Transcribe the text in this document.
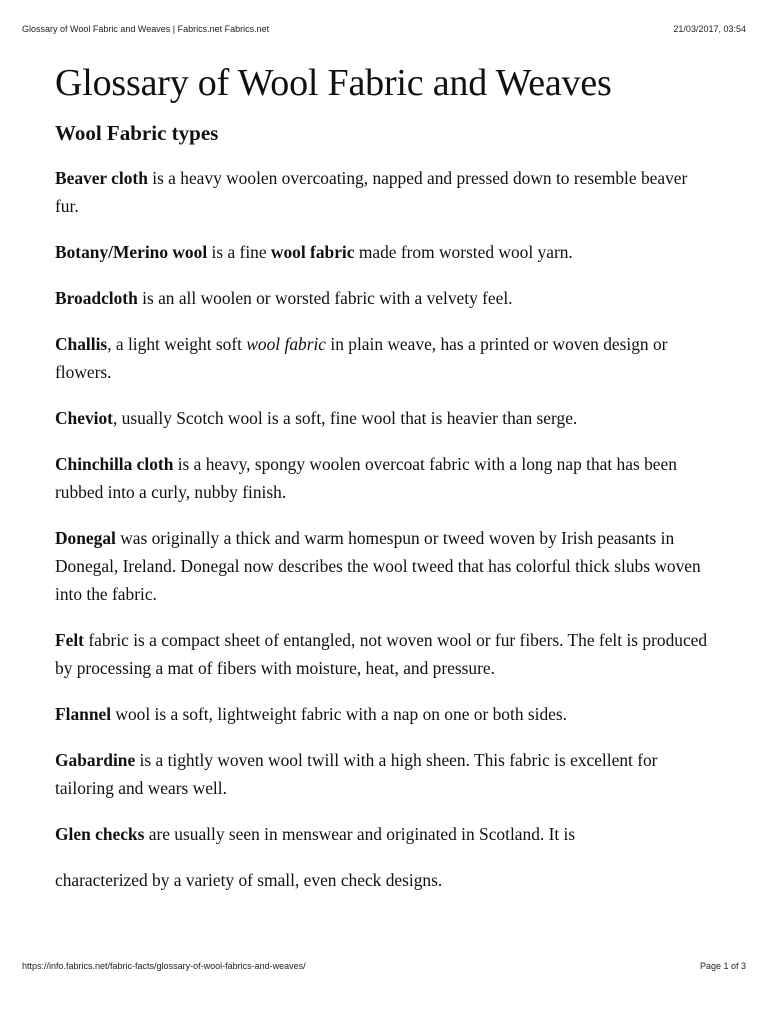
Glossary of Wool Fabric and Weaves | Fabrics.net Fabrics.net	21/03/2017, 03:54
Glossary of Wool Fabric and Weaves
Wool Fabric types

Beaver cloth is a heavy woolen overcoating, napped and pressed down to resemble beaver fur.

Botany/Merino wool is a fine wool fabric made from worsted wool yarn.

Broadcloth is an all woolen or worsted fabric with a velvety feel.

Challis, a light weight soft wool fabric in plain weave, has a printed or woven design or flowers.

Cheviot, usually Scotch wool is a soft, fine wool that is heavier than serge.

Chinchilla cloth is a heavy, spongy woolen overcoat fabric with a long nap that has been rubbed into a curly, nubby finish.

Donegal was originally a thick and warm homespun or tweed woven by Irish peasants in Donegal, Ireland. Donegal now describes the wool tweed that has colorful thick slubs woven into the fabric.

Felt fabric is a compact sheet of entangled, not woven wool or fur fibers. The felt is produced by processing a mat of fibers with moisture, heat, and pressure.

Flannel wool is a soft, lightweight fabric with a nap on one or both sides.

Gabardine is a tightly woven wool twill with a high sheen. This fabric is excellent for tailoring and wears well.

Glen checks are usually seen in menswear and originated in Scotland. It is

characterized by a variety of small, even check designs.

https://info.fabrics.net/fabric-facts/glossary-of-wool-fabrics-and-weaves/	Page 1 of 3
